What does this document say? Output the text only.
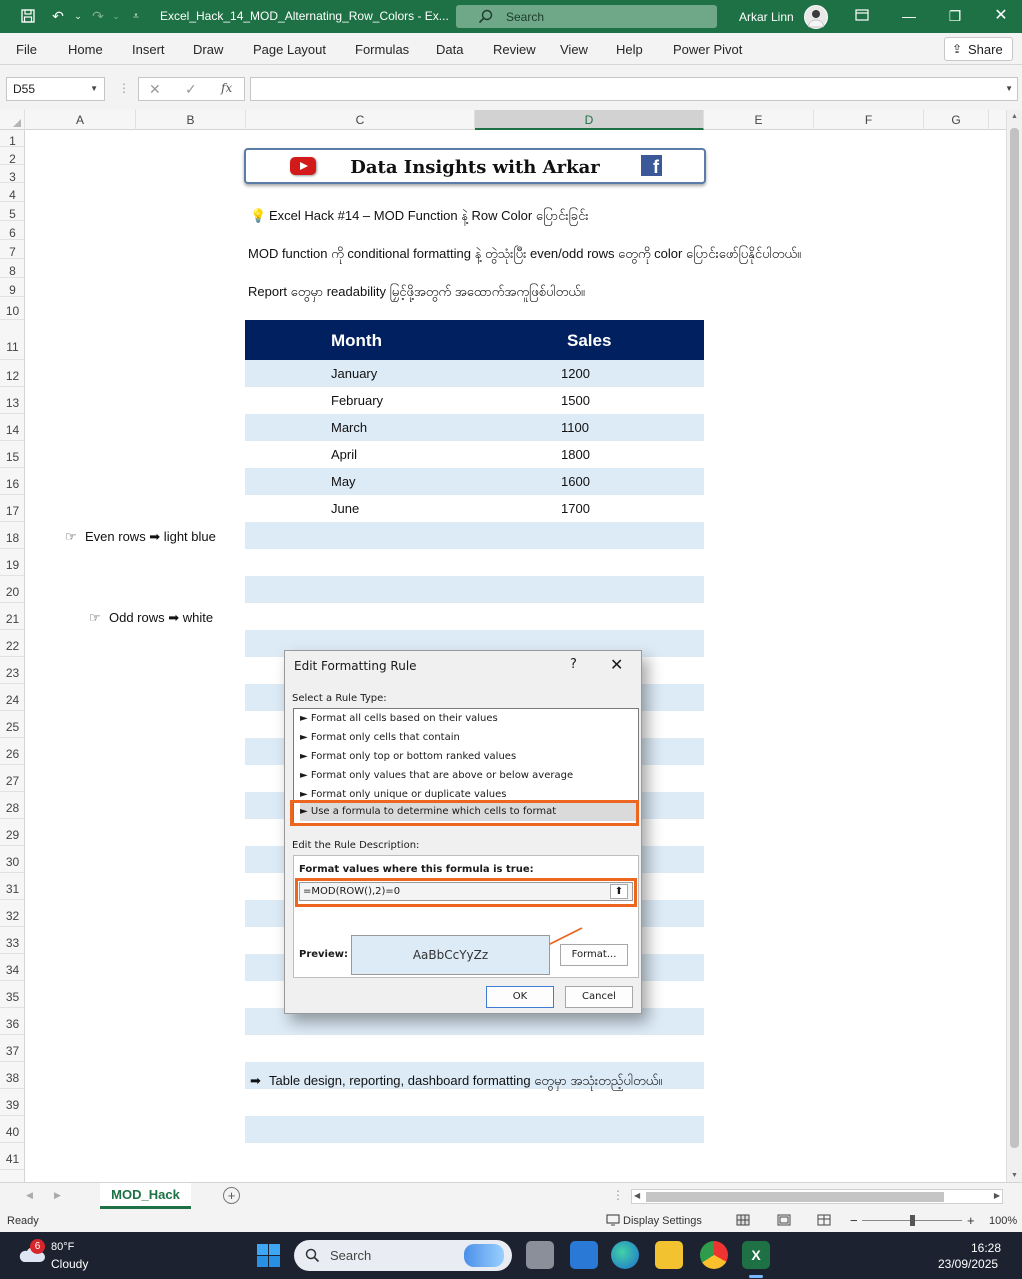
↶	⌄ ↷ ⌄	⩡	Excel_Hack_14_MOD_Alternating_Row_Colors - Ex...	Search	Arkar Linn	—	❐ ✕
File Home Insert Draw Page Layout Formulas Data Review View Help Power Pivot	⇪ Share
D55	▼ ⋮ ✕ ✓ fx	▼
A	B	C	D	E	F	G
1
2
3
4
5
6
7
8
9
10
11
12
13
14
15
16
17
18
19
20
21
22
23
24
25
26
27
28
29
30
31
32
33
34
35
36
37
38
39
40
41
Data Insights with Arkar	f
💡 Excel Hack #14 – MOD Function နဲ့ Row Color ပြောင်းခြင်း
MOD function ကို conditional formatting နဲ့ တွဲသုံးပြီး even/odd rows တွေကို color ပြောင်းဖော်ပြနိုင်ပါတယ်။
Report တွေမှာ readability မြှင့်ဖို့အတွက် အထောက်အကူဖြစ်ပါတယ်။
Month	Sales
January	1200
February	1500
March	1100
April	1800
May	1600
June	1700
☞ Even rows ➡ light blue
☞ Odd rows ➡ white
➡ Table design, reporting, dashboard formatting တွေမှာ အသုံးတည့်ပါတယ်။
▲
▼
Edit Formatting Rule	? ✕
Select a Rule Type:
► Format all cells based on their values
► Format only cells that contain
► Format only top or bottom ranked values
► Format only values that are above or below average
► Format only unique or duplicate values
► Use a formula to determine which cells to format
Edit the Rule Description:
Format values where this formula is true:
=MOD(ROW(),2)=0	⬆
Preview:	AaBbCcYyZz	Format...
OK	Cancel
◀ ▶	MOD_Hack	+	⋮ ◀	▶
Ready	Display Settings	−	+ 100%
6 80°F
Cloudy
Search	X	16:28
23/09/2025
